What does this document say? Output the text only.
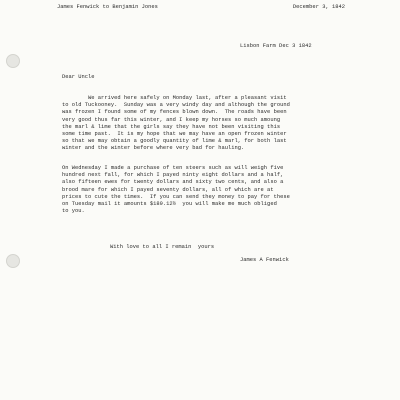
James Fenwick to Benjamin Jones	December 3, 1842
Lisbon Farm Dec 3 1842
Dear Uncle
We arrived here safely on Monday last, after a pleasant visit
to old Tuckooney.  Sunday was a very windy day and although the ground
was frozen I found some of my fences blown down.  The roads have been
very good thus far this winter, and I keep my horses so much amoung
the marl & lime that the girls say they have not been visiting this
some time past.  It is my hope that we may have an open frozen winter
so that we may obtain a goodly quantity of lime & marl, for both last
winter and the winter before where very bad for hauling.
On Wednesday I made a purchase of ten steers such as will weigh five
hundred next fall, for which I payed ninty eight dollars and a half,
also fifteen ewes for twenty dollars and sixty two cents, and also a
brood mare for which I payed seventy dollars, all of which are at
prices to cute the times.  If you can send they money to pay for these
on Tuesday mail it amounts $189.12½  you will make me much obliged
to you.
With love to all I remain  yours
James A Fenwick
